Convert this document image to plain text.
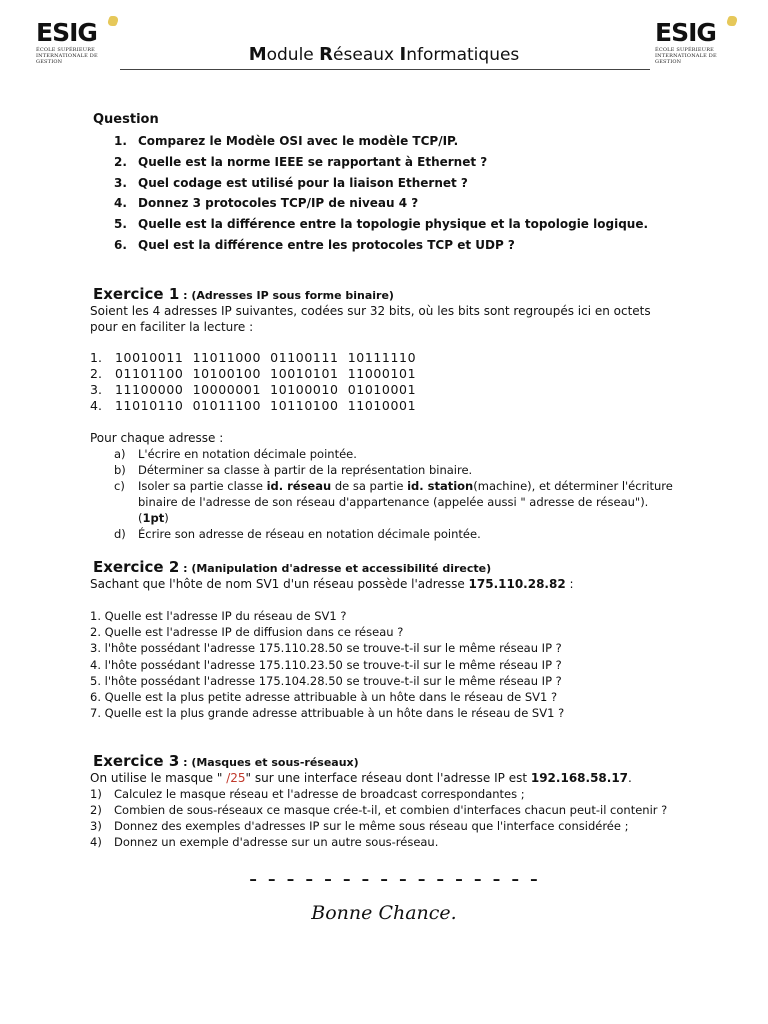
ESIG
ÉCOLE SUPÉRIEURE INTERNATIONALE DE GESTION
ESIG
ÉCOLE SUPÉRIEURE INTERNATIONALE DE GESTION
Module Réseaux Informatiques
Question
1. Comparez le Modèle OSI avec le modèle TCP/IP.
2. Quelle est la norme IEEE se rapportant à Ethernet ?
3. Quel codage est utilisé pour la liaison Ethernet ?
4. Donnez 3 protocoles TCP/IP de niveau 4 ?
5. Quelle est la différence entre la topologie physique et la topologie logique.
6. Quel est la différence entre les protocoles TCP et UDP ?
Exercice 1 : (Adresses IP sous forme binaire)
Soient les 4 adresses IP suivantes, codées sur 32 bits, où les bits sont regroupés ici en octets pour en faciliter la lecture :
1. 10010011  11011000  01100111  10111110
2. 01101100  10100100  10010101  11000101
3. 11100000  10000001  10100010  01010001
4. 11010110  01011100  10110100  11010001
Pour chaque adresse :
a) L'écrire en notation décimale pointée.
b) Déterminer sa classe à partir de la représentation binaire.
c) Isoler sa partie classe id. réseau de sa partie id. station(machine), et déterminer l'écriture binaire de l'adresse de son réseau d'appartenance (appelée aussi " adresse de réseau"). (1pt)
d) Écrire son adresse de réseau en notation décimale pointée.
Exercice 2 : (Manipulation d'adresse et accessibilité directe)
Sachant que l'hôte de nom SV1 d'un réseau possède l'adresse 175.110.28.82 :
1. Quelle est l'adresse IP du réseau de SV1 ?
2. Quelle est l'adresse IP de diffusion dans ce réseau ?
3. l'hôte possédant l'adresse 175.110.28.50 se trouve-t-il sur le même réseau IP ?
4. l'hôte possédant l'adresse 175.110.23.50 se trouve-t-il sur le même réseau IP ?
5. l'hôte possédant l'adresse 175.104.28.50 se trouve-t-il sur le même réseau IP ?
6. Quelle est la plus petite adresse attribuable à un hôte dans le réseau de SV1 ?
7. Quelle est la plus grande adresse attribuable à un hôte dans le réseau de SV1 ?
Exercice 3 : (Masques et sous-réseaux)
On utilise le masque " /25" sur une interface réseau dont l'adresse IP est 192.168.58.17.
1) Calculez le masque réseau et l'adresse de broadcast correspondantes ;
2) Combien de sous-réseaux ce masque crée-t-il, et combien d'interfaces chacun peut-il contenir ?
3) Donnez des exemples d'adresses IP sur le même sous réseau que l'interface considérée ;
4) Donnez un exemple d'adresse sur un autre sous-réseau.
– – – – – – – – – – – – – – – –
Bonne Chance.
